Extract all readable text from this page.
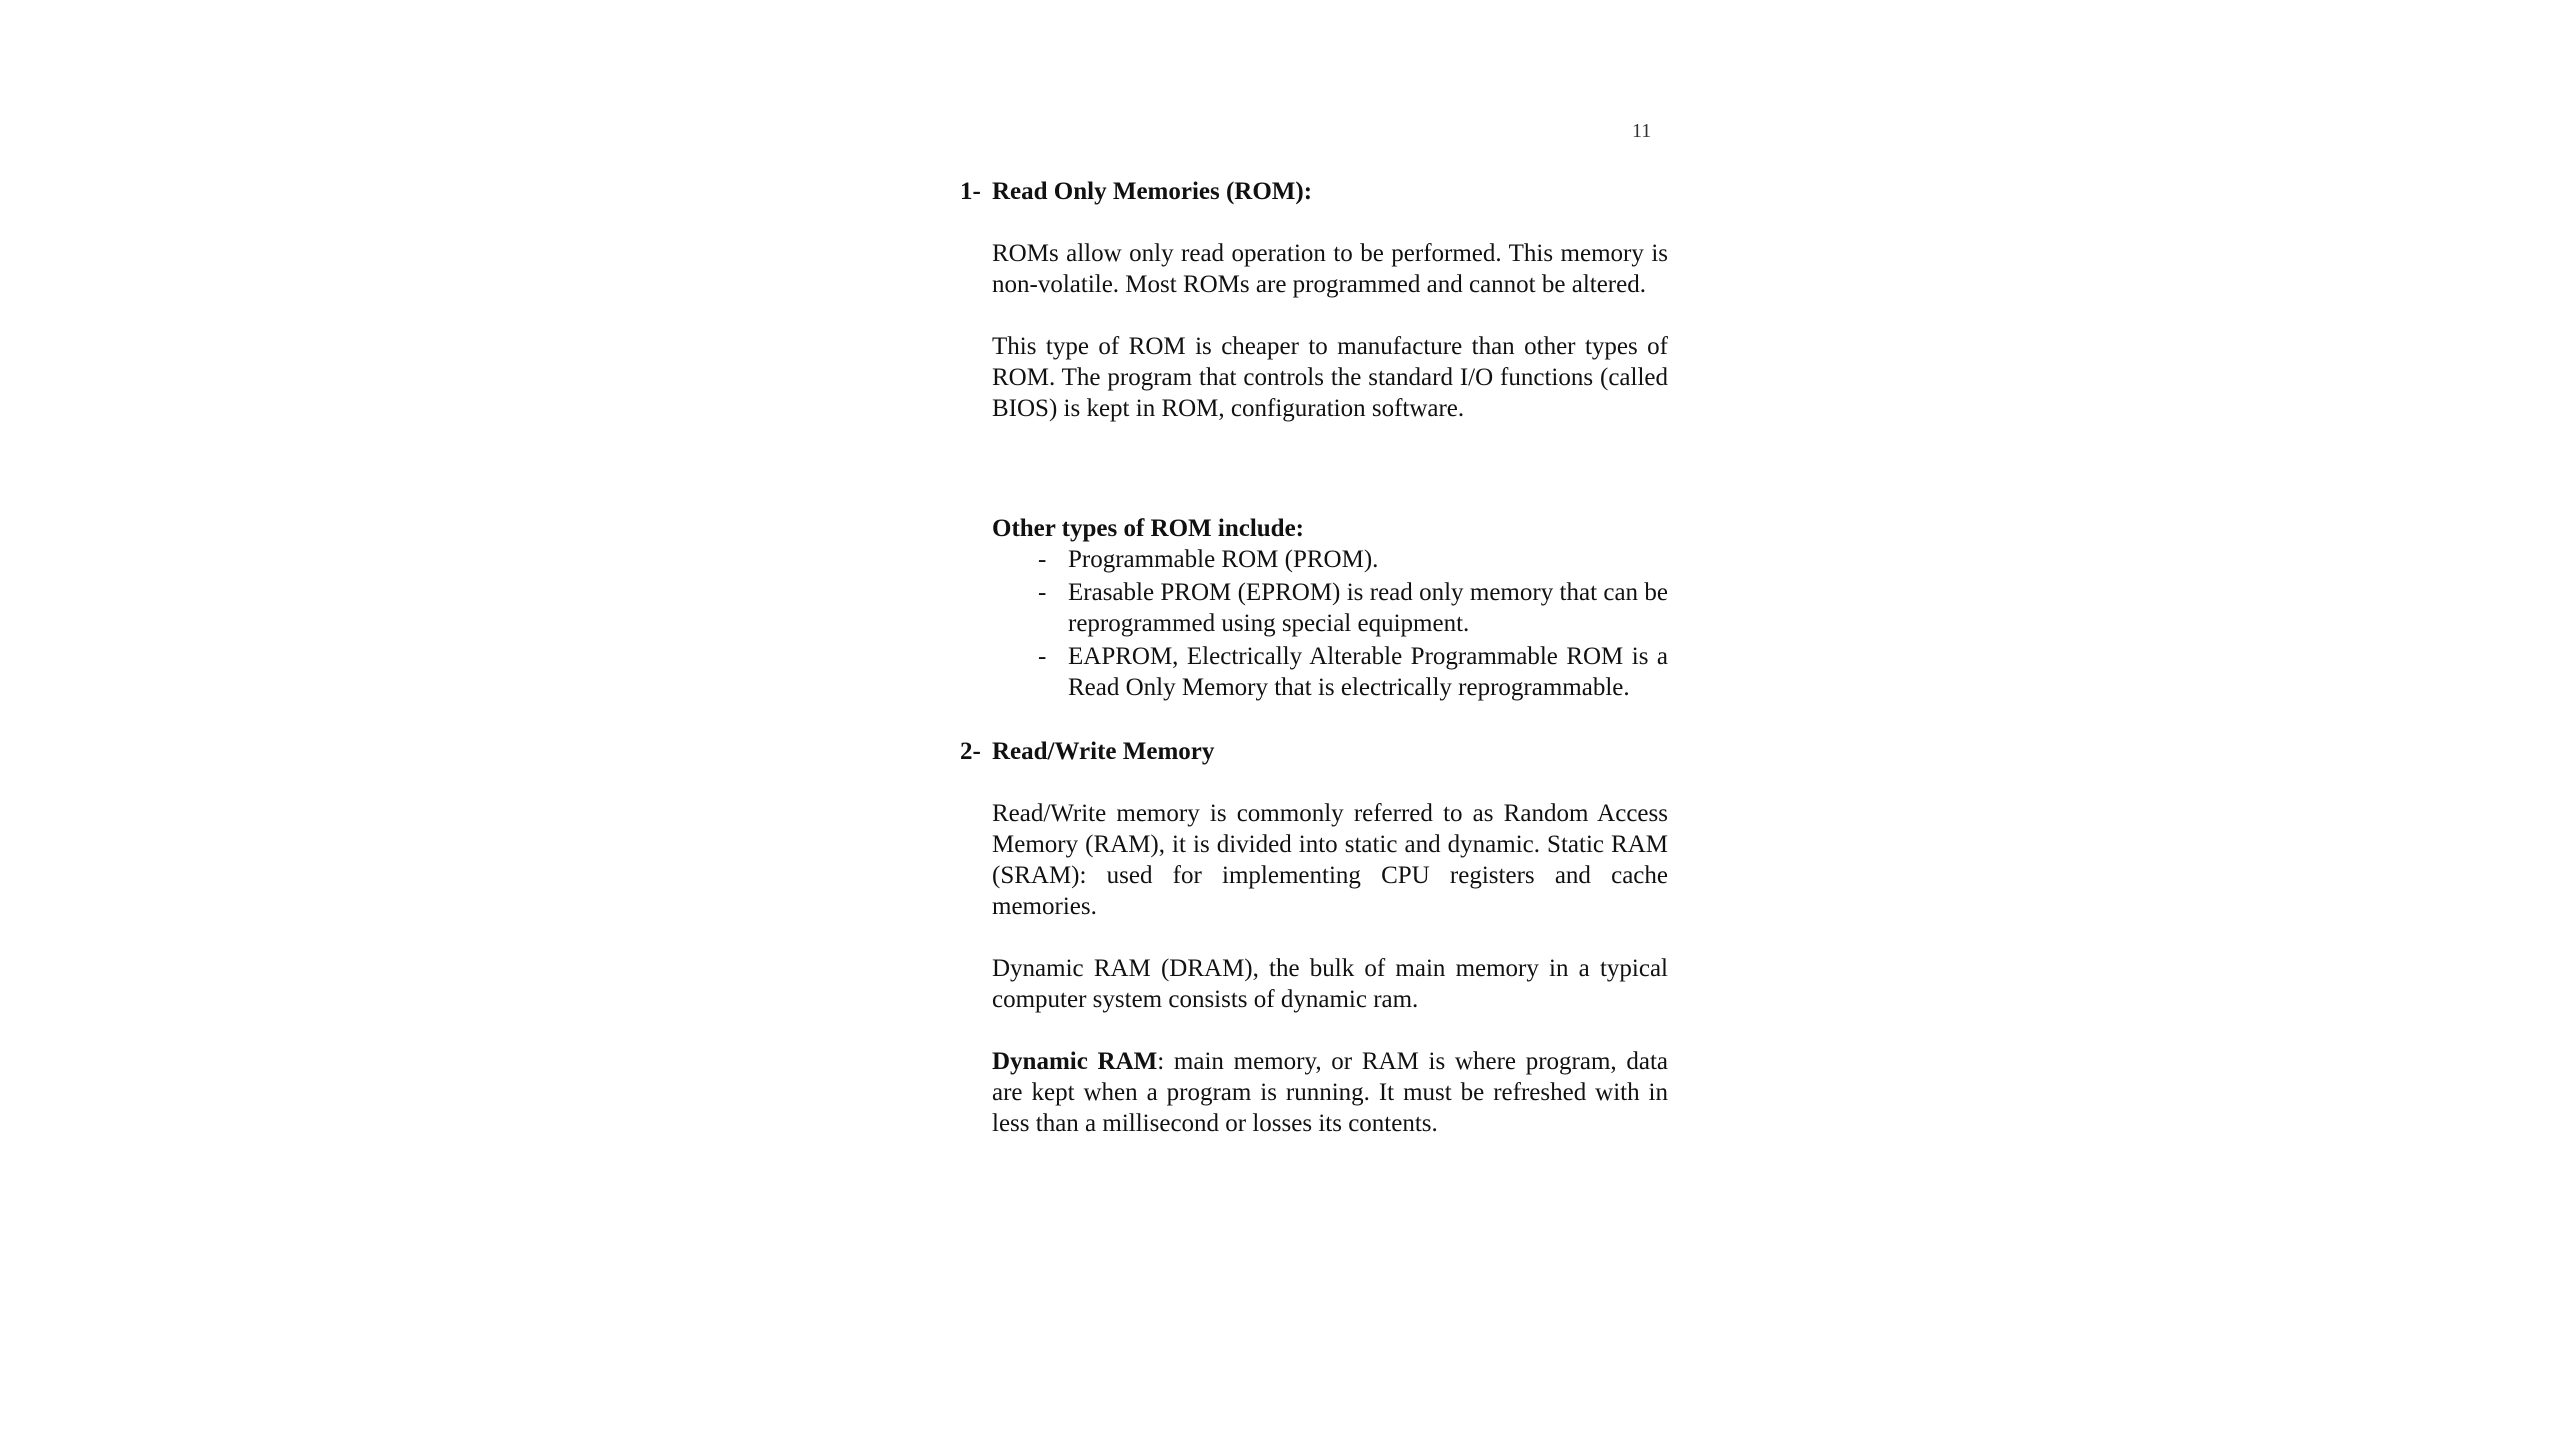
11

1- Read Only Memories (ROM):

ROMs allow only read operation to be performed. This memory is non-volatile. Most ROMs are programmed and cannot be altered.

This type of ROM is cheaper to manufacture than other types of ROM. The program that controls the standard I/O functions (called BIOS) is kept in ROM, configuration software.

Other types of ROM include:

- Programmable ROM (PROM).
- Erasable PROM (EPROM) is read only memory that can be reprogrammed using special equipment.
- EAPROM, Electrically Alterable Programmable ROM is a Read Only Memory that is electrically reprogrammable.

2- Read/Write Memory

Read/Write memory is commonly referred to as Random Access Memory (RAM), it is divided into static and dynamic. Static RAM (SRAM): used for implementing CPU registers and cache memories.

Dynamic RAM (DRAM), the bulk of main memory in a typical computer system consists of dynamic ram.

Dynamic RAM: main memory, or RAM is where program, data are kept when a program is running. It must be refreshed with in less than a millisecond or losses its contents.
